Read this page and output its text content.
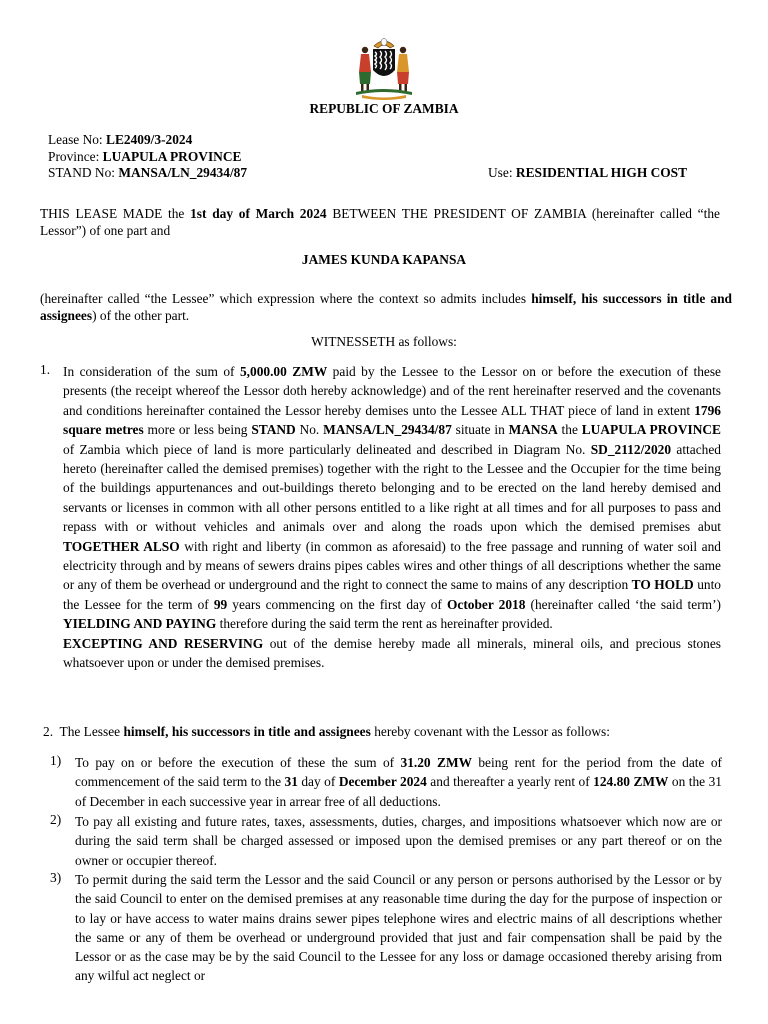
REPUBLIC OF ZAMBIA
Lease No: LE2409/3-2024
Province: LUAPULA PROVINCE
STAND No: MANSA/LN_29434/87	Use: RESIDENTIAL HIGH COST
THIS LEASE MADE the 1st day of March 2024 BETWEEN THE PRESIDENT OF ZAMBIA (hereinafter called “the Lessor”) of one part and
JAMES KUNDA KAPANSA
(hereinafter called “the Lessee” which expression where the context so admits includes himself, his successors in title and assignees) of the other part.
WITNESSETH as follows:
1. In consideration of the sum of 5,000.00 ZMW paid by the Lessee to the Lessor on or before the execution of these presents (the receipt whereof the Lessor doth hereby acknowledge) and of the rent hereinafter reserved and the covenants and conditions hereinafter contained the Lessor hereby demises unto the Lessee ALL THAT piece of land in extent 1796 square metres more or less being STAND No. MANSA/LN_29434/87 situate in MANSA the LUAPULA PROVINCE of Zambia which piece of land is more particularly delineated and described in Diagram No. SD_2112/2020 attached hereto (hereinafter called the demised premises) together with the right to the Lessee and the Occupier for the time being of the buildings appurtenances and out-buildings thereto belonging and to be erected on the land hereby demised and servants or licenses in common with all other persons entitled to a like right at all times and for all purposes to pass and repass with or without vehicles and animals over and along the roads upon which the demised premises abut TOGETHER ALSO with right and liberty (in common as aforesaid) to the free passage and running of water soil and electricity through and by means of sewers drains pipes cables wires and other things of all descriptions whether the same or any of them be overhead or underground and the right to connect the same to mains of any description TO HOLD unto the Lessee for the term of 99 years commencing on the first day of October 2018 (hereinafter called ‘the said term’) YIELDING AND PAYING therefore during the said term the rent as hereinafter provided.
EXCEPTING AND RESERVING out of the demise hereby made all minerals, mineral oils, and precious stones whatsoever upon or under the demised premises.
2. The Lessee himself, his successors in title and assignees hereby covenant with the Lessor as follows:
1) To pay on or before the execution of these the sum of 31.20 ZMW being rent for the period from the date of commencement of the said term to the 31 day of December 2024 and thereafter a yearly rent of 124.80 ZMW on the 31 of December in each successive year in arrear free of all deductions.
2) To pay all existing and future rates, taxes, assessments, duties, charges, and impositions whatsoever which now are or during the said term shall be charged assessed or imposed upon the demised premises or any part thereof or on the owner or occupier thereof.
3) To permit during the said term the Lessor and the said Council or any person or persons authorised by the Lessor or by the said Council to enter on the demised premises at any reasonable time during the day for the purpose of inspection or to lay or have access to water mains drains sewer pipes telephone wires and electric mains of all descriptions whether the same or any of them be overhead or underground provided that just and fair compensation shall be paid by the Lessor or as the case may be by the said Council to the Lessee for any loss or damage occasioned thereby arising from any wilful act neglect or
